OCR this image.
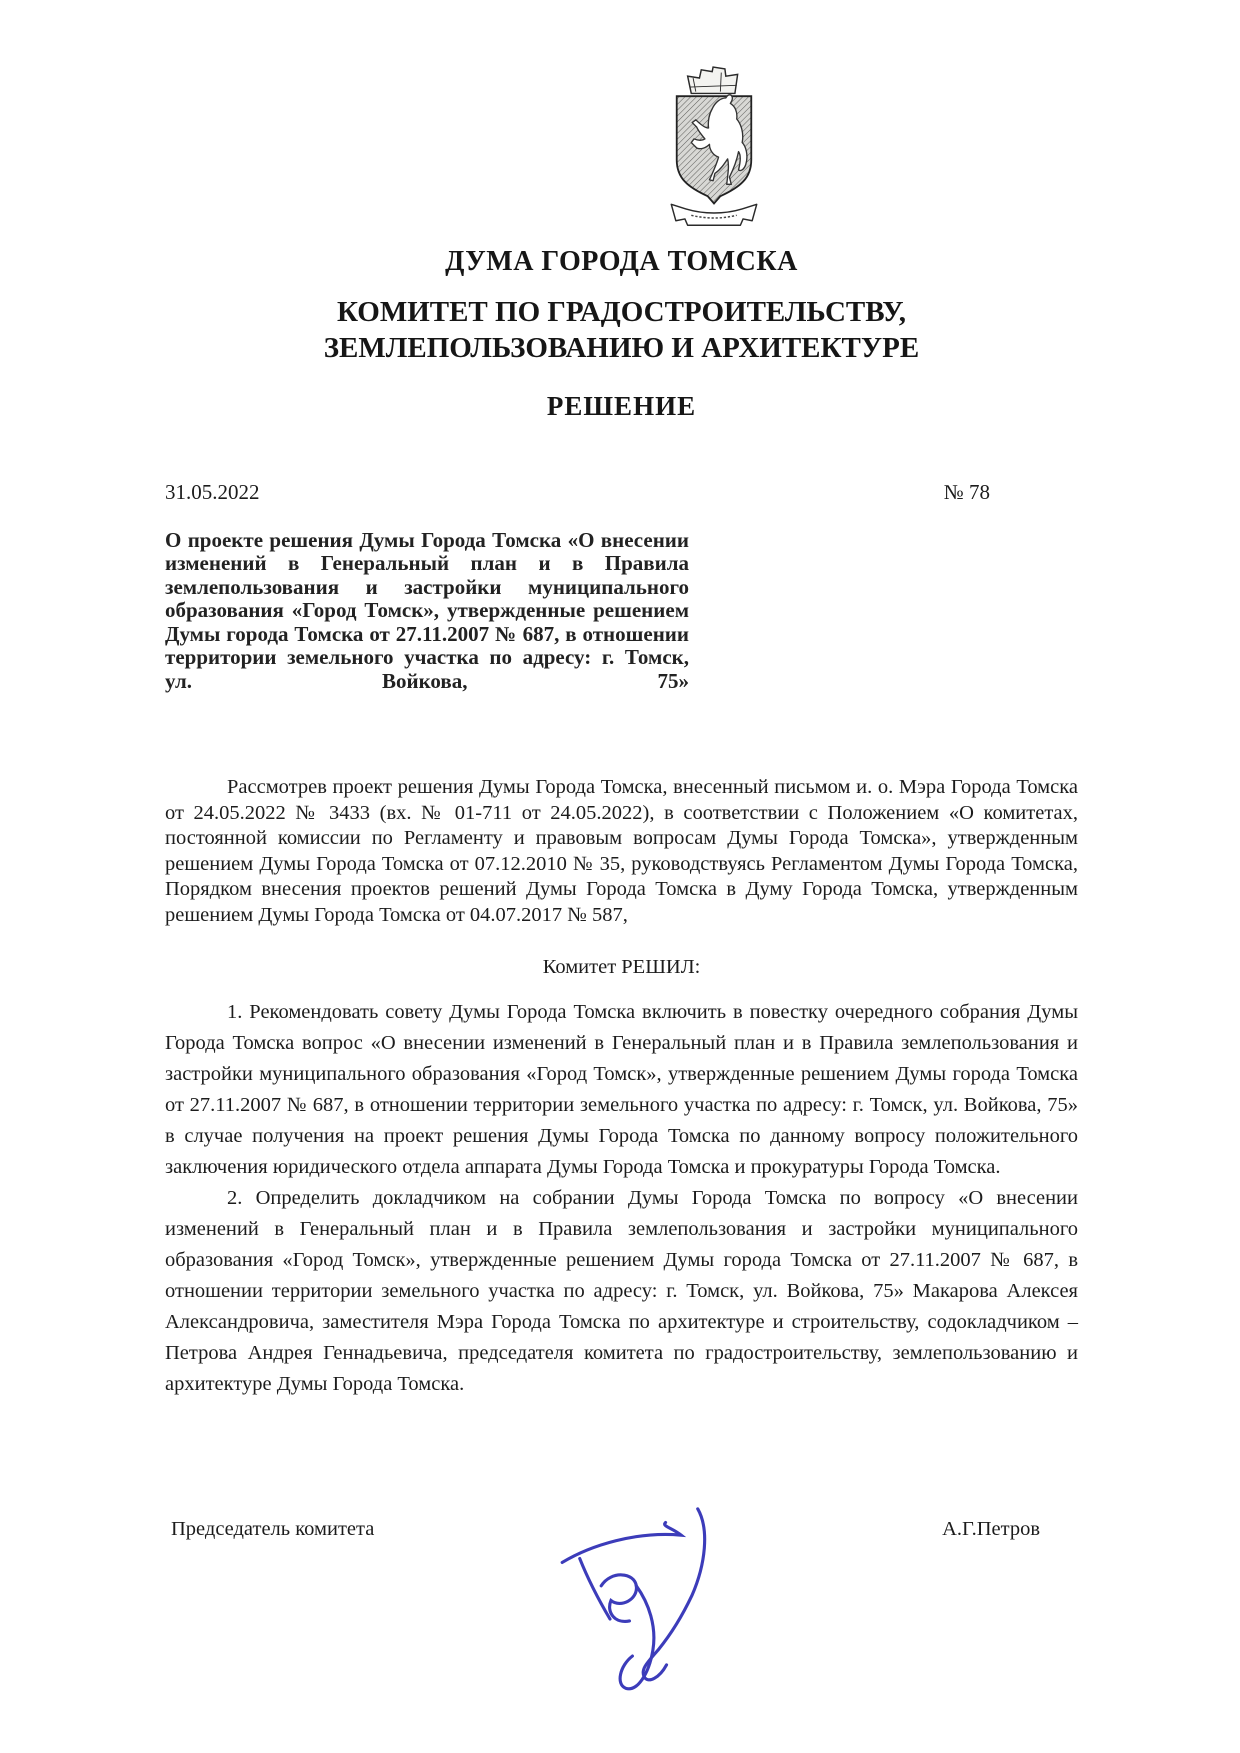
ДУМА ГОРОДА ТОМСКА
КОМИТЕТ ПО ГРАДОСТРОИТЕЛЬСТВУ, ЗЕМЛЕПОЛЬЗОВАНИЮ И АРХИТЕКТУРЕ
РЕШЕНИЕ
31.05.2022	№ 78
О проекте решения Думы Города Томска «О внесении изменений в Генеральный план и в Правила землепользования и застройки муниципального образования «Город Томск», утвержденные решением Думы города Томска от 27.11.2007 № 687, в отношении территории земельного участка по адресу: г. Томск, ул. Войкова, 75»

Рассмотрев проект решения Думы Города Томска, внесенный письмом и. о. Мэра Города Томска от 24.05.2022 № 3433 (вх. № 01-711 от 24.05.2022), в соответствии с Положением «О комитетах, постоянной комиссии по Регламенту и правовым вопросам Думы Города Томска», утвержденным решением Думы Города Томска от 07.12.2010 № 35, руководствуясь Регламентом Думы Города Томска, Порядком внесения проектов решений Думы Города Томска в Думу Города Томска, утвержденным решением Думы Города Томска от 04.07.2017 № 587,

Комитет РЕШИЛ:

1. Рекомендовать совету Думы Города Томска включить в повестку очередного собрания Думы Города Томска вопрос «О внесении изменений в Генеральный план и в Правила землепользования и застройки муниципального образования «Город Томск», утвержденные решением Думы города Томска от 27.11.2007 № 687, в отношении территории земельного участка по адресу: г. Томск, ул. Войкова, 75» в случае получения на проект решения Думы Города Томска по данному вопросу положительного заключения юридического отдела аппарата Думы Города Томска и прокуратуры Города Томска.

2. Определить докладчиком на собрании Думы Города Томска по вопросу «О внесении изменений в Генеральный план и в Правила землепользования и застройки муниципального образования «Город Томск», утвержденные решением Думы города Томска от 27.11.2007 № 687, в отношении территории земельного участка по адресу: г. Томск, ул. Войкова, 75» Макарова Алексея Александровича, заместителя Мэра Города Томска по архитектуре и строительству, содокладчиком – Петрова Андрея Геннадьевича, председателя комитета по градостроительству, землепользованию и архитектуре Думы Города Томска.

Председатель комитета	А.Г.Петров
